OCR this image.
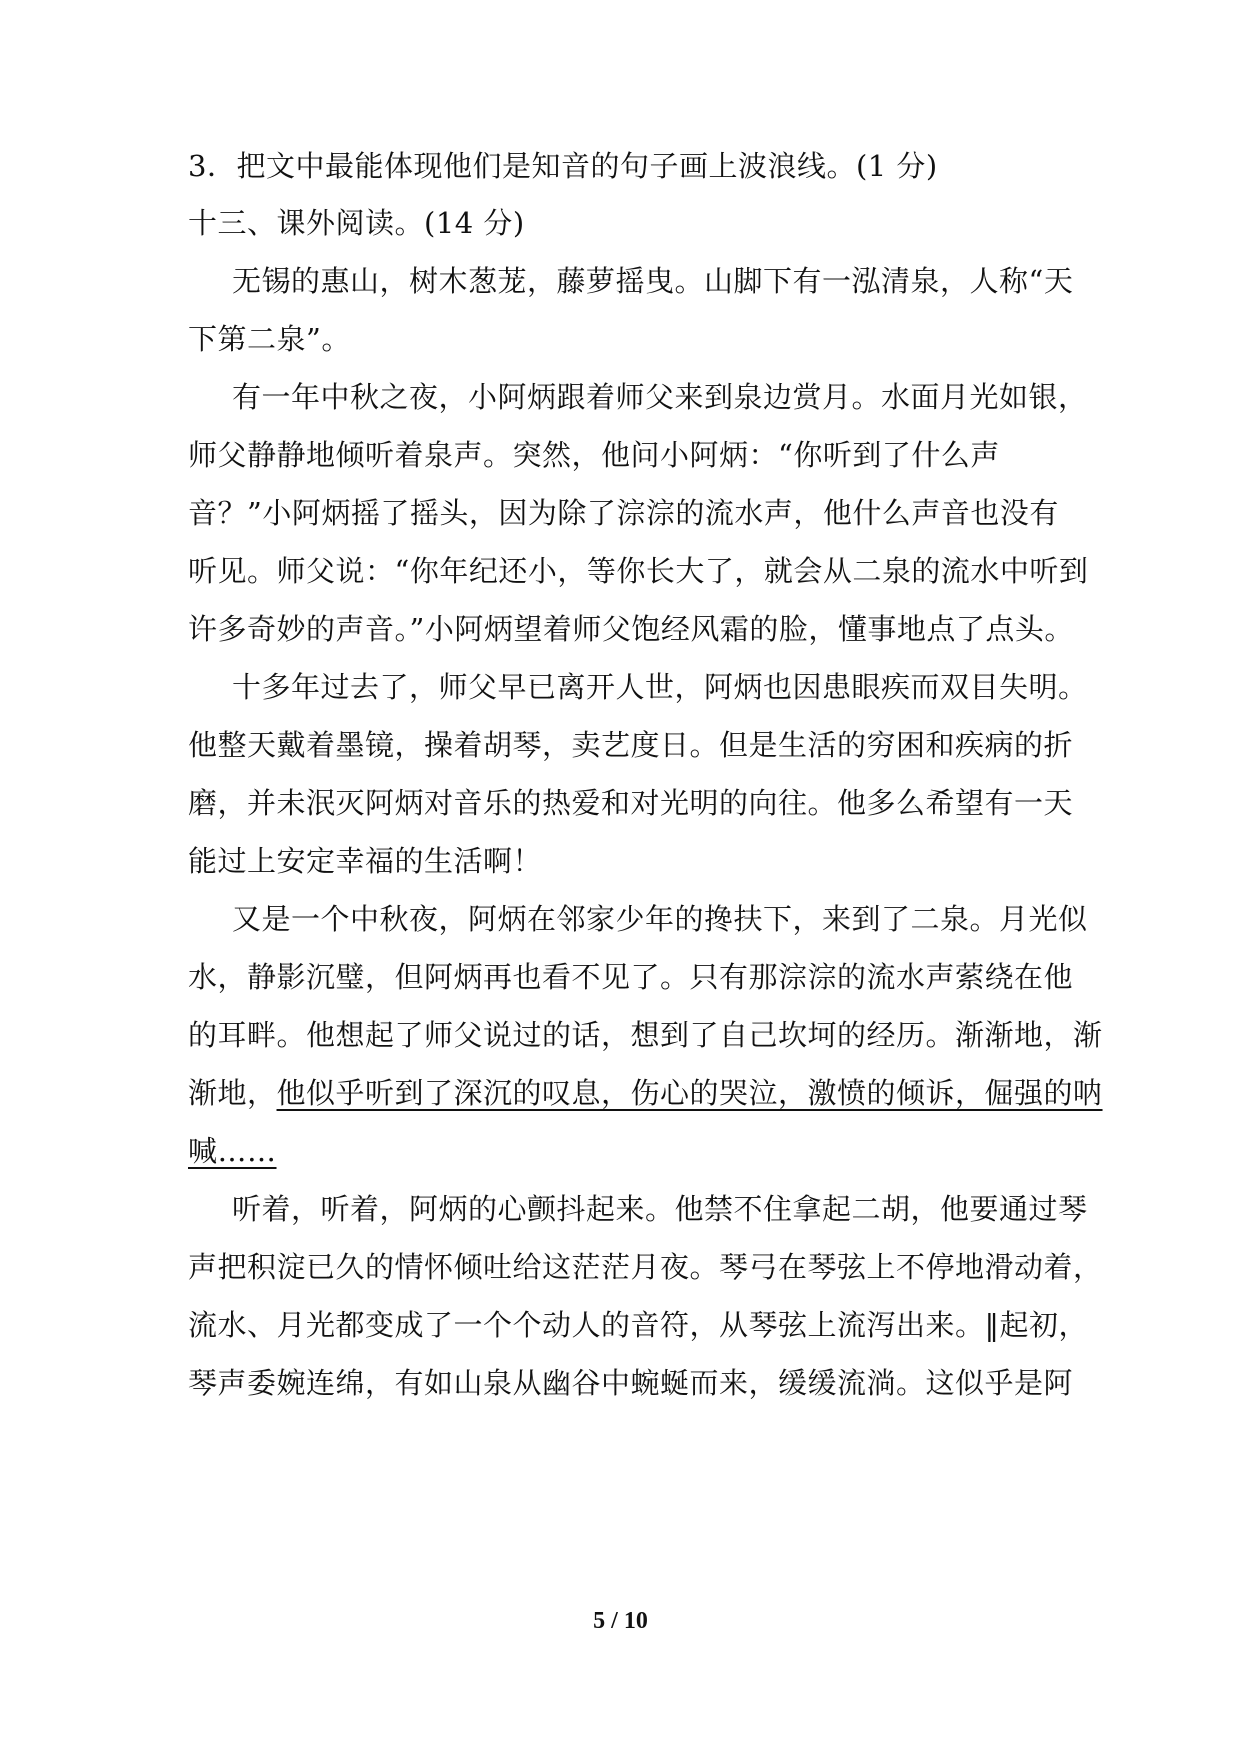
3．把文中最能体现他们是知音的句子画上波浪线。(1 分)
十三、课外阅读。(14 分)
无锡的惠山，树木葱茏，藤萝摇曳。山脚下有一泓清泉，人称“天
下第二泉”。
有一年中秋之夜，小阿炳跟着师父来到泉边赏月。水面月光如银，
师父静静地倾听着泉声。突然，他问小阿炳：“你听到了什么声
音？”小阿炳摇了摇头，因为除了淙淙的流水声，他什么声音也没有
听见。师父说：“你年纪还小，等你长大了，就会从二泉的流水中听到
许多奇妙的声音。”小阿炳望着师父饱经风霜的脸，懂事地点了点头。
十多年过去了，师父早已离开人世，阿炳也因患眼疾而双目失明。
他整天戴着墨镜，操着胡琴，卖艺度日。但是生活的穷困和疾病的折
磨，并未泯灭阿炳对音乐的热爱和对光明的向往。他多么希望有一天
能过上安定幸福的生活啊！
又是一个中秋夜，阿炳在邻家少年的搀扶下，来到了二泉。月光似
水，静影沉璧，但阿炳再也看不见了。只有那淙淙的流水声萦绕在他
的耳畔。他想起了师父说过的话，想到了自己坎坷的经历。渐渐地，渐
渐地，他似乎听到了深沉的叹息，伤心的哭泣，激愤的倾诉，倔强的呐
喊……
听着，听着，阿炳的心颤抖起来。他禁不住拿起二胡，他要通过琴
声把积淀已久的情怀倾吐给这茫茫月夜。琴弓在琴弦上不停地滑动着，
流水、月光都变成了一个个动人的音符，从琴弦上流泻出来。‖起初，
琴声委婉连绵，有如山泉从幽谷中蜿蜒而来，缓缓流淌。这似乎是阿
5 / 10
